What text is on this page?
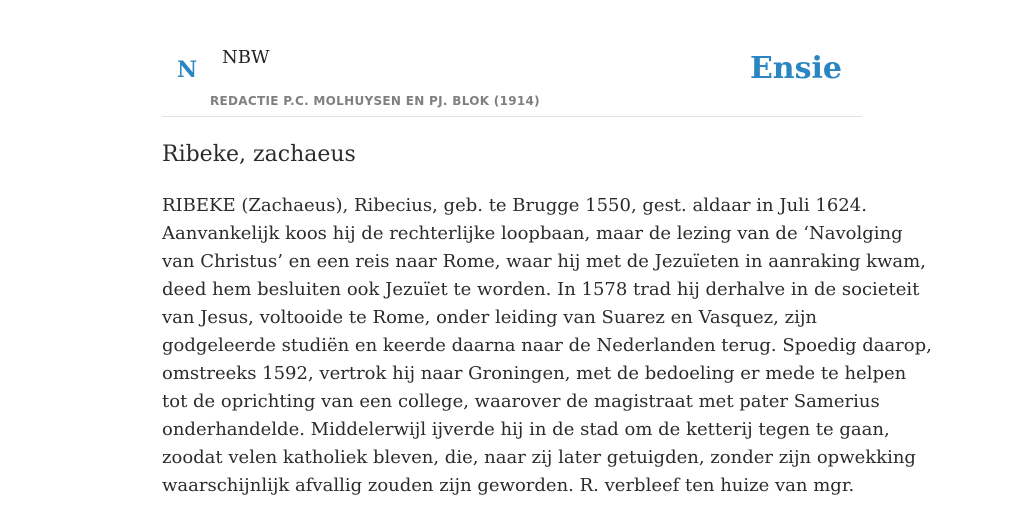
N NBW
REDACTIE P.C. MOLHUYSEN EN PJ. BLOK (1914)
Ensie
Ribeke, zachaeus
RIBEKE (Zachaeus), Ribecius, geb. te Brugge 1550, gest. aldaar in Juli 1624.
Aanvankelijk koos hij de rechterlijke loopbaan, maar de lezing van de ‘Navolging
van Christus’ en een reis naar Rome, waar hij met de Jezuïeten in aanraking kwam,
deed hem besluiten ook Jezuïet te worden. In 1578 trad hij derhalve in de societeit
van Jesus, voltooide te Rome, onder leiding van Suarez en Vasquez, zijn
godgeleerde studiën en keerde daarna naar de Nederlanden terug. Spoedig daarop,
omstreeks 1592, vertrok hij naar Groningen, met de bedoeling er mede te helpen
tot de oprichting van een college, waarover de magistraat met pater Samerius
onderhandelde. Middelerwijl ijverde hij in de stad om de ketterij tegen te gaan,
zoodat velen katholiek bleven, die, naar zij later getuigden, zonder zijn opwekking
waarschijnlijk afvallig zouden zijn geworden. R. verbleef ten huize van mgr.
